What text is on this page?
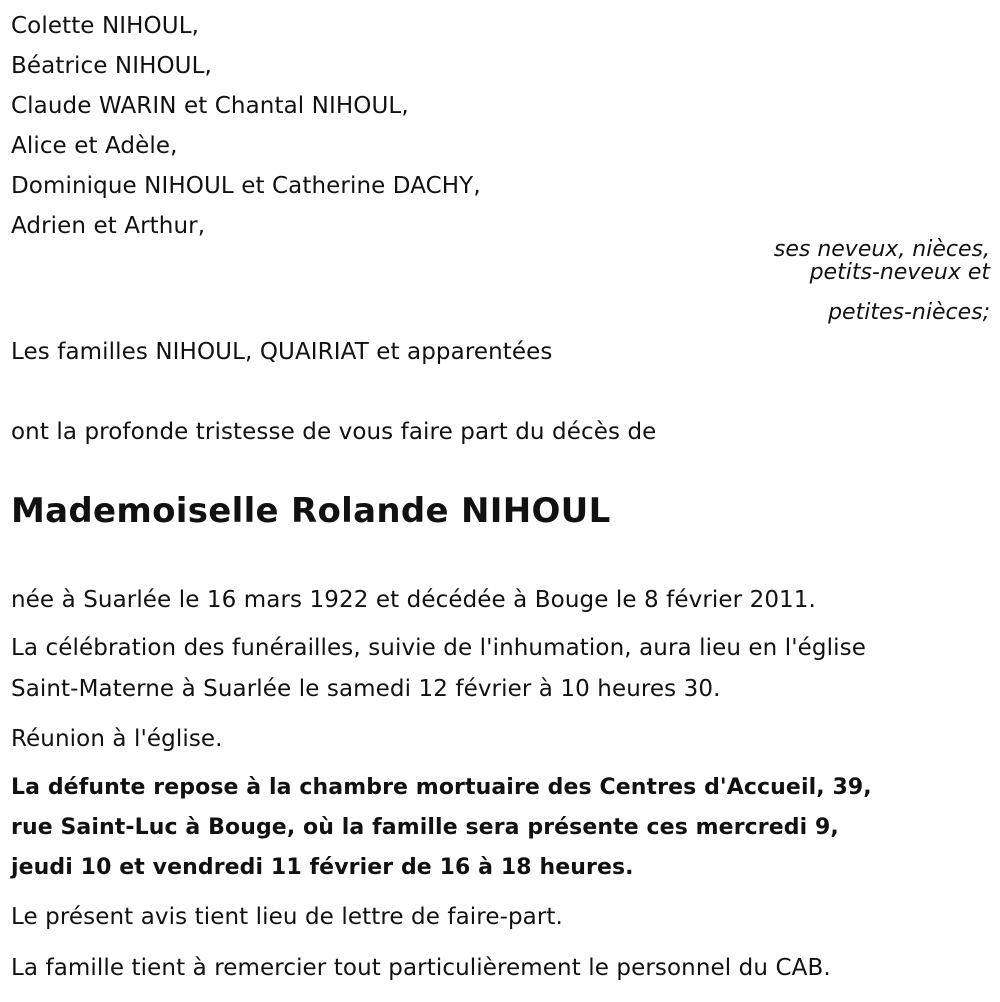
Colette NIHOUL,

Béatrice NIHOUL,

Claude WARIN et Chantal NIHOUL,

Alice et Adèle,

Dominique NIHOUL et Catherine DACHY,

Adrien et Arthur,

ses neveux, nièces,

petits-neveux et

petites-nièces;

Les familles NIHOUL, QUAIRIAT et apparentées

ont la profonde tristesse de vous faire part du décès de

Mademoiselle Rolande NIHOUL

née à Suarlée le 16 mars 1922 et décédée à Bouge le 8 février 2011.

La célébration des funérailles, suivie de l'inhumation, aura lieu en l'église

Saint-Materne à Suarlée le samedi 12 février à 10 heures 30.

Réunion à l'église.

La défunte repose à la chambre mortuaire des Centres d'Accueil, 39,

rue Saint-Luc à Bouge, où la famille sera présente ces mercredi 9,

jeudi 10 et vendredi 11 février de 16 à 18 heures.

Le présent avis tient lieu de lettre de faire-part.

La famille tient à remercier tout particulièrement le personnel du CAB.
